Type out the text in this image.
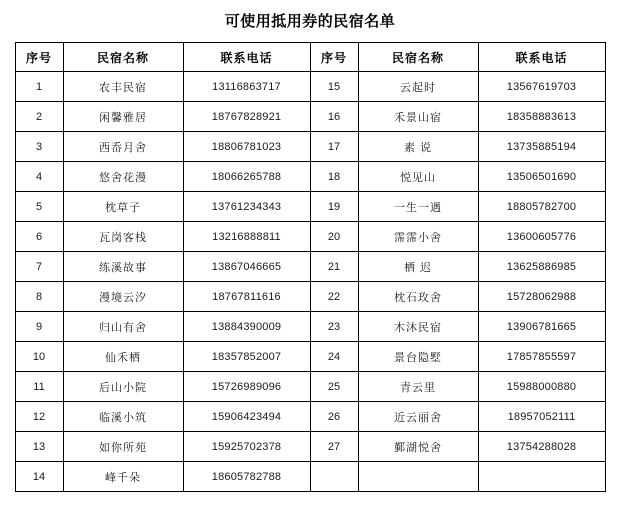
可使用抵用券的民宿名单
序号	民宿名称	联系电话	序号	民宿名称	联系电话
1	农丰民宿	13116863717	15	云起时	13567619703
2	闲馨雅居	18767828921	16	禾景山宿	18358883613
3	西岙月舍	18806781023	17	素 说	13735885194
4	悠舍花漫	18066265788	18	悦见山	13506501690
5	枕草子	13761234343	19	一生一遇	18805782700
6	瓦岗客栈	13216888811	20	霈霈小舍	13600605776
7	练溪故事	13867046665	21	栖 迟	13625886985
8	漫境云汐	18767811616	22	枕石玫舍	15728062988
9	归山有舍	13884390009	23	木沐民宿	13906781665
10	仙禾栖	18357852007	24	景台隐墅	17857855597
11	后山小院	15726989096	25	青云里	15988000880
12	临溪小筑	15906423494	26	近云丽舍	18957052111
13	如你所苑	15925702378	27	鄞湖悦舍	13754288028
14	峰千朵	18605782788			
